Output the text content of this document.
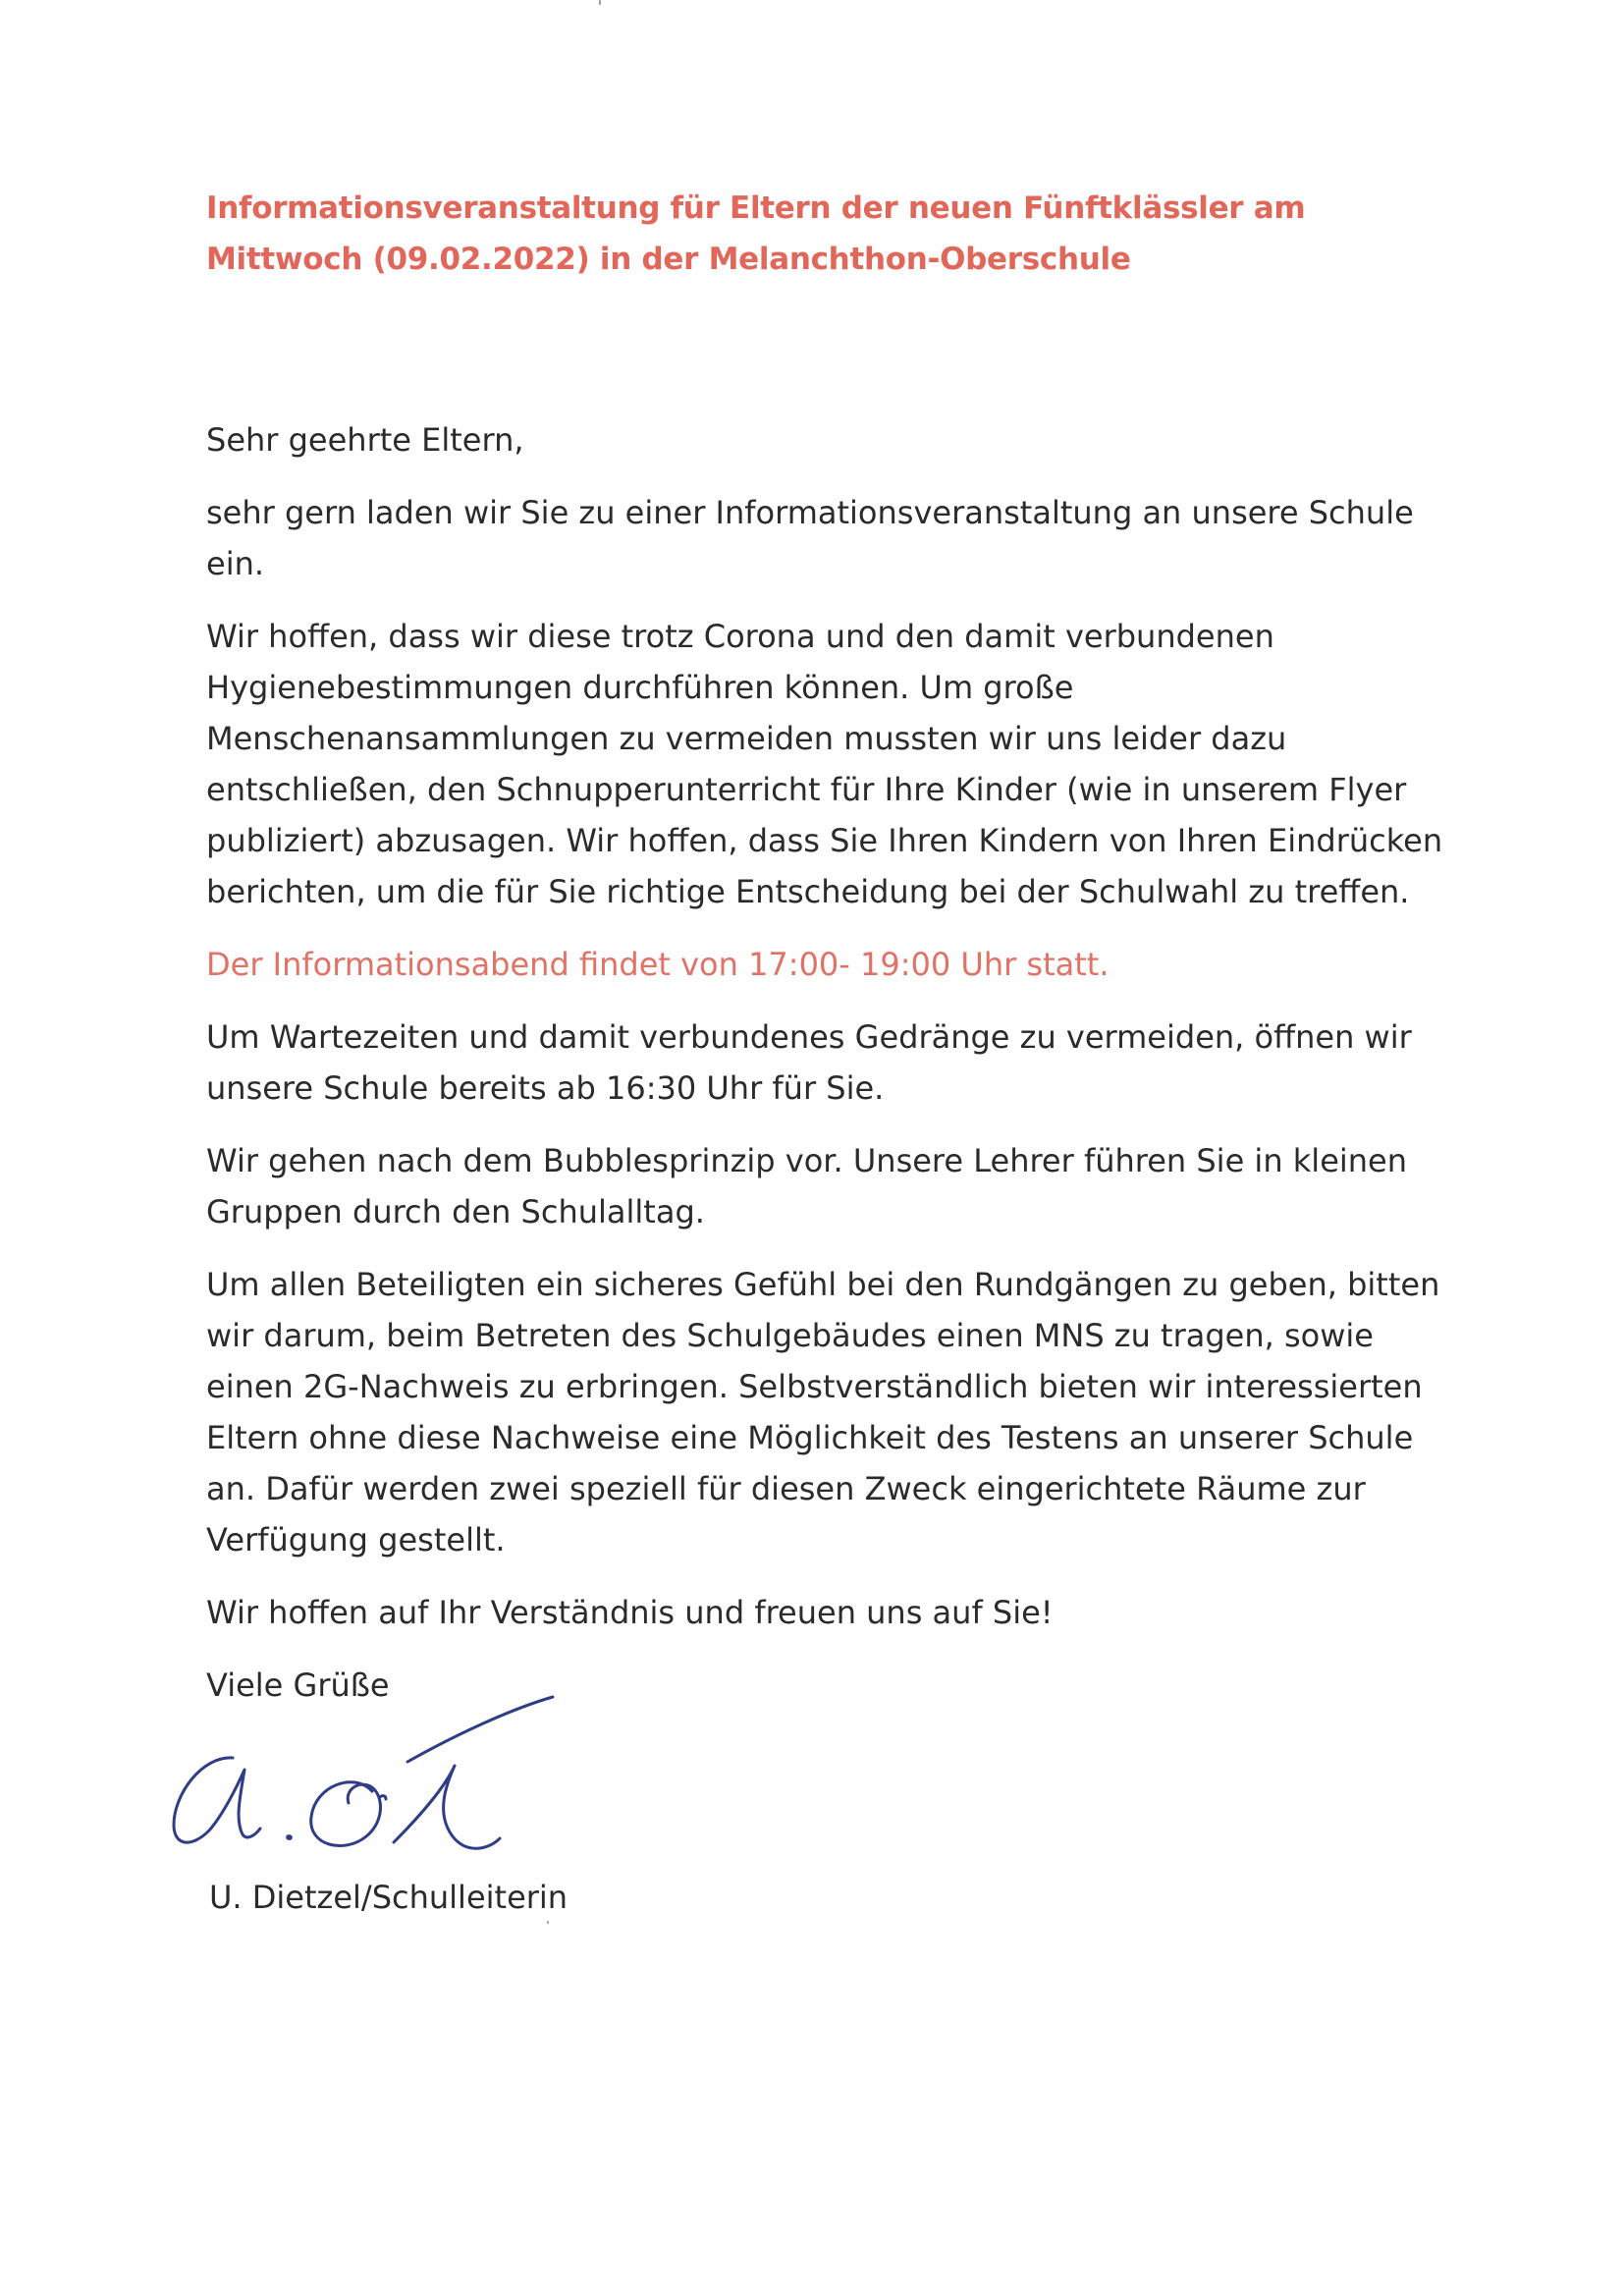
Informationsveranstaltung für Eltern der neuen Fünftklässler am Mittwoch (09.02.2022) in der Melanchthon-Oberschule

Sehr geehrte Eltern,

sehr gern laden wir Sie zu einer Informationsveranstaltung an unsere Schule ein.

Wir hoffen, dass wir diese trotz Corona und den damit verbundenen Hygienebestimmungen durchführen können. Um große Menschenansammlungen zu vermeiden mussten wir uns leider dazu entschließen, den Schnupperunterricht für Ihre Kinder (wie in unserem Flyer publiziert) abzusagen. Wir hoffen, dass Sie Ihren Kindern von Ihren Eindrücken berichten, um die für Sie richtige Entscheidung bei der Schulwahl zu treffen.

Der Informationsabend findet von 17:00- 19:00 Uhr statt.

Um Wartezeiten und damit verbundenes Gedränge zu vermeiden, öffnen wir unsere Schule bereits ab 16:30 Uhr für Sie.

Wir gehen nach dem Bubblesprinzip vor. Unsere Lehrer führen Sie in kleinen Gruppen durch den Schulalltag.

Um allen Beteiligten ein sicheres Gefühl bei den Rundgängen zu geben, bitten wir darum, beim Betreten des Schulgebäudes einen MNS zu tragen, sowie einen 2G-Nachweis zu erbringen. Selbstverständlich bieten wir interessierten Eltern ohne diese Nachweise eine Möglichkeit des Testens an unserer Schule an. Dafür werden zwei speziell für diesen Zweck eingerichtete Räume zur Verfügung gestellt.

Wir hoffen auf Ihr Verständnis und freuen uns auf Sie!

Viele Grüße

U. Dietzel/Schulleiterin
